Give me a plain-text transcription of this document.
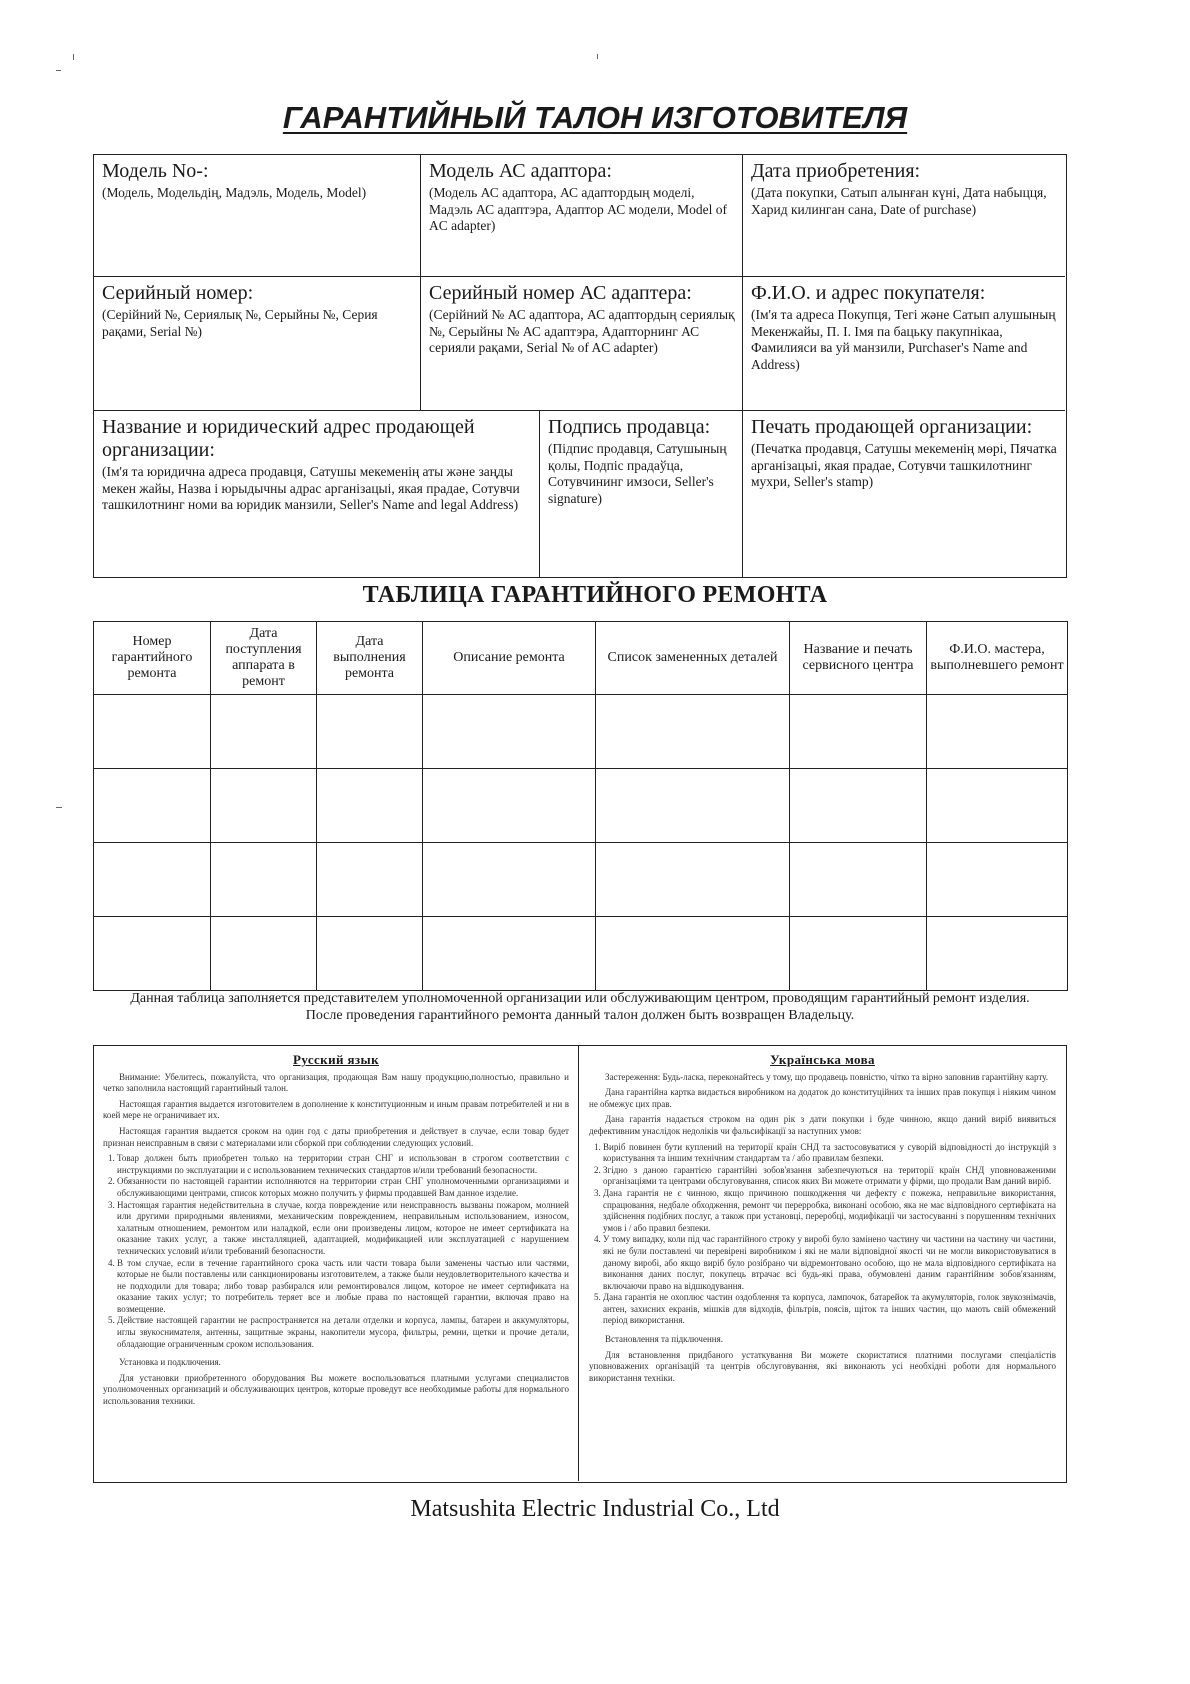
ГАРАНТИЙНЫЙ ТАЛОН ИЗГОТОВИТЕЛЯ
Модель No-:
(Модель, Модельдің, Мадэль, Модель, Model)
Модель АС адаптора:
(Модель АС адаптора, АС адаптордың моделі, Мадэль АС адаптэра, Адаптор АС модели, Model of AC adapter)
Дата приобретения:
(Дата покупки, Сатып алынған күні, Дата набыцця, Харид килинган сана, Date of purchase)
Серийный номер:
(Серійний №, Сериялық №, Серыйны №, Серия рақами, Serial №)
Серийный номер АС адаптера:
(Серійний № АС адаптора, АС адаптордың сериялық №, Серыйны № АС адаптэра, Адапторнинг АС серияли рақами, Serial № of AC adapter)
Ф.И.О. и адрес покупателя:
(Ім'я та адреса Покупця, Тегі және Сатып алушының Мекенжайы, П. І. Імя па бацьку пакупнікаа, Фамилияси ва уй манзили, Purchaser's Name and Address)
Название и юридический адрес продающей организации:
(Ім'я та юридична адреса продавця, Сатушы мекеменің аты және заңды мекен жайы, Назва і юрыдычны адрас арганізацыі, якая прадае, Сотувчи ташкилотнинг номи ва юридик манзили, Seller's Name and legal Address)
Подпись продавца:
(Підпис продавця, Сатушының қолы, Подпіс прадаўца, Сотувчининг имзоси, Seller's signature)
Печать продающей организации:
(Печатка продавця, Сатушы мекеменің мөрі, Пячатка арганізацыі, якая прадае, Сотувчи ташкилотнинг мухри, Seller's stamp)
ТАБЛИЦА ГАРАНТИЙНОГО РЕМОНТА
Номер гарантийного ремонта	Дата поступления аппарата в ремонт	Дата выполнения ремонта	Описание ремонта	Список замененных деталей	Название и печать сервисного центра	Ф.И.О. мастера, выполневшего ремонт

Данная таблица заполняется представителем уполномоченной организации или обслуживающим центром, проводящим гарантийный ремонт изделия.
После проведения гарантийного ремонта данный талон должен быть возвращен Владельцу.
Русский язык

Внимание: Убелитесь, пожалуйста, что организация, продающая Вам нашу продукцию,полностью, правильно и четко заполнила настоящий гарантийный талон.

Настоящая гарантия выдается изготовителем в дополнение к конституционным и иным правам потребителей и ни в коей мере не ограничивает их.

Настоящая гарантия выдается сроком на один год с даты приобретения и действует в случае, если товар будет признан неисправным в связи с материалами или сборкой при соблюдении следующих условий.

1. Товар должен быть приобретен только на территории стран СНГ и использован в строгом соответствии с инструкциями по эксплуатации и с использованием технических стандартов и/или требований безопасности.
2. Обязанности по настоящей гарантии исполняются на территории стран СНГ уполномоченными организациями и обслуживающими центрами, список которых можно получить у фирмы продавшей Вам данное изделие.
3. Настоящая гарантия недействительна в случае, когда повреждение или неисправность вызваны пожаром, молнией или другими природными явлениями, механическим повреждением, неправильным использованием, износом, халатным отношением, ремонтом или наладкой, если они произведены лицом, которое не имеет сертификата на оказание таких услуг, а также инсталляцией, адаптацией, модификацией или эксплуатацией с нарушением технических условий и/или требований безопасности.
4. В том случае, если в течение гарантийного срока часть или части товара были заменены частью или частями, которые не были поставлены или санкционированы изготовителем, а также были неудовлетворительного качества и не подходили для товара; либо товар разбирался или ремонтировался лицом, которое не имеет сертификата на оказание таких услуг; то потребитель теряет все и любые права по настоящей гарантии, включая право на возмещение.
5. Действие настоящей гарантии не распространяется на детали отделки и корпуса, лампы, батареи и аккумуляторы, иглы звукоснимателя, антенны, защитные экраны, накопители мусора, фильтры, ремни, щетки и прочие детали, обладающие ограниченным сроком использования.

Установка и подключения.

Для установки приобретенного оборудования Вы можете воспользоваться платными услугами специалистов уполномоченных организаций и обслуживающих центров, которые проведут все необходимые работы для нормального использования техники.

Українська мова

Застереження: Будь-ласка, переконайтесь у тому, що продавець повністю, чітко та вірно заповнив гарантійну карту.

Дана гарантійна картка видається виробником на додаток до конституційних та інших прав покупця і ніяким чином не обмежує цих прав.

Дана гарантія надається строком на один рік з дати покупки і буде чинною, якщо даний виріб виявиться дефективним унаслідок недоліків чи фальсифікації за наступних умов:

1. Виріб повинен бути куплений на території країн СНД та застосовуватися у суворій відповідності до інструкцій з користування та іншим технічним стандартам та / або правилам безпеки.
2. Згідно з даною гарантією гарантійні зобов'язання забезпечуються на території країн СНД уповноваженими організаціями та центрами обслуговування, список яких Ви можете отримати у фірми, що продали Вам даний виріб.
3. Дана гарантія не є чинною, якщо причиною пошкодження чи дефекту є пожежа, неправильне використання, спрацювання, недбале обходження, ремонт чи перерробка, виконані особою, яка не має відповідного сертифіката на здійснення подібних послуг, а також при установці, переробці, модифікації чи застосуванні з порушенням технічних умов і / або правил безпеки.
4. У тому випадку, коли під час гарантійного строку у виробі було замінено частину чи частини на частину чи частини, які не були поставлені чи перевірені виробником і які не мали відповідної якості чи не могли використовуватися в даному виробі, або якщо виріб було розібрано чи відремонтовано особою, що не мала відповідного сертифіката на виконання даних послуг, покупець втрачає всі будь-які права, обумовлені даним гарантійним зобов'язанням, включаючи право на відшкодування.
5. Дана гарантія не охоплює частин оздоблення та корпуса, лампочок, батарейок та акумуляторів, голок звукознімачів, антен, захисних екранів, мішків для відходів, фільтрів, поясів, щіток та інших частин, що мають свій обмежений період використання.

Встановлення та підключення.

Для встановлення придбаного устаткування Ви можете скористатися платними послугами спеціалістів уповноважених організацій та центрів обслуговування, які виконають усі необхідні роботи для нормального використання техніки.

Matsushita Electric Industrial Co., Ltd
